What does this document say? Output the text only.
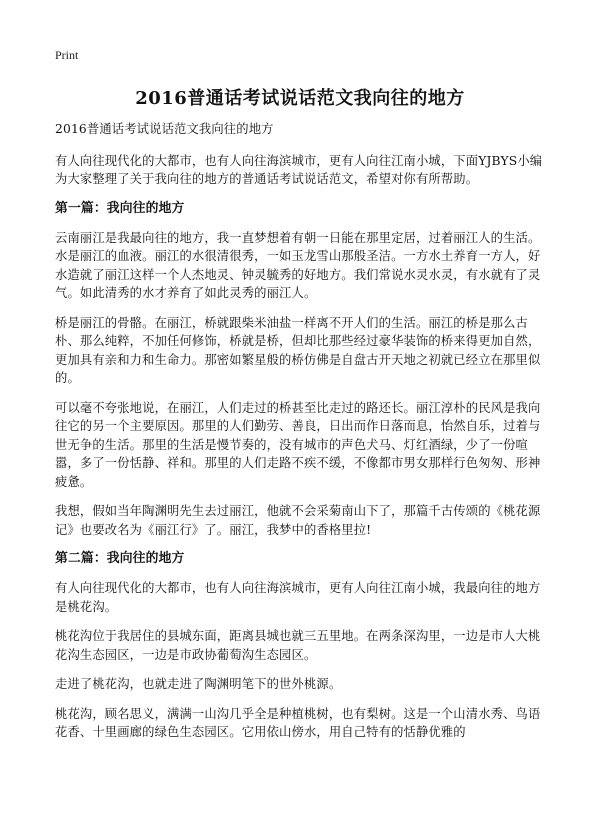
Print
2016普通话考试说话范文我向往的地方

2016普通话考试说话范文我向往的地方

有人向往现代化的大都市，也有人向往海滨城市，更有人向往江南小城，下面YJBYS小编为大家整理了关于我向往的地方的普通话考试说话范文，希望对你有所帮助。

第一篇：我向往的地方

云南丽江是我最向往的地方，我一直梦想着有朝一日能在那里定居，过着丽江人的生活。水是丽江的血液。丽江的水很清很秀，一如玉龙雪山那般圣洁。一方水土养育一方人，好水造就了丽江这样一个人杰地灵、钟灵毓秀的好地方。我们常说水灵水灵，有水就有了灵气。如此清秀的水才养育了如此灵秀的丽江人。

桥是丽江的骨骼。在丽江，桥就跟柴米油盐一样离不开人们的生活。丽江的桥是那么古朴、那么纯粹，不加任何修饰，桥就是桥，但却比那些经过豪华装饰的桥来得更加自然，更加具有亲和力和生命力。那密如繁星般的桥仿佛是自盘古开天地之初就已经立在那里似的。

可以毫不夸张地说，在丽江，人们走过的桥甚至比走过的路还长。丽江淳朴的民风是我向往它的另一个主要原因。那里的人们勤劳、善良，日出而作日落而息，怡然自乐，过着与世无争的生活。那里的生活是慢节奏的，没有城市的声色犬马、灯红酒绿，少了一份喧嚣，多了一份恬静、祥和。那里的人们走路不疾不缓，不像都市男女那样行色匆匆、形神疲惫。

我想，假如当年陶渊明先生去过丽江，他就不会采菊南山下了，那篇千古传颂的《桃花源记》也要改名为《丽江行》了。丽江，我梦中的香格里拉!

第二篇：我向往的地方

有人向往现代化的大都市，也有人向往海滨城市，更有人向往江南小城，我最向往的地方是桃花沟。

桃花沟位于我居住的县城东面，距离县城也就三五里地。在两条深沟里，一边是市人大桃花沟生态园区，一边是市政协葡萄沟生态园区。

走进了桃花沟，也就走进了陶渊明笔下的世外桃源。

桃花沟，顾名思义，满满一山沟几乎全是种植桃树，也有梨树。这是一个山清水秀、鸟语花香、十里画廊的绿色生态园区。它用依山傍水，用自己特有的恬静优雅的
